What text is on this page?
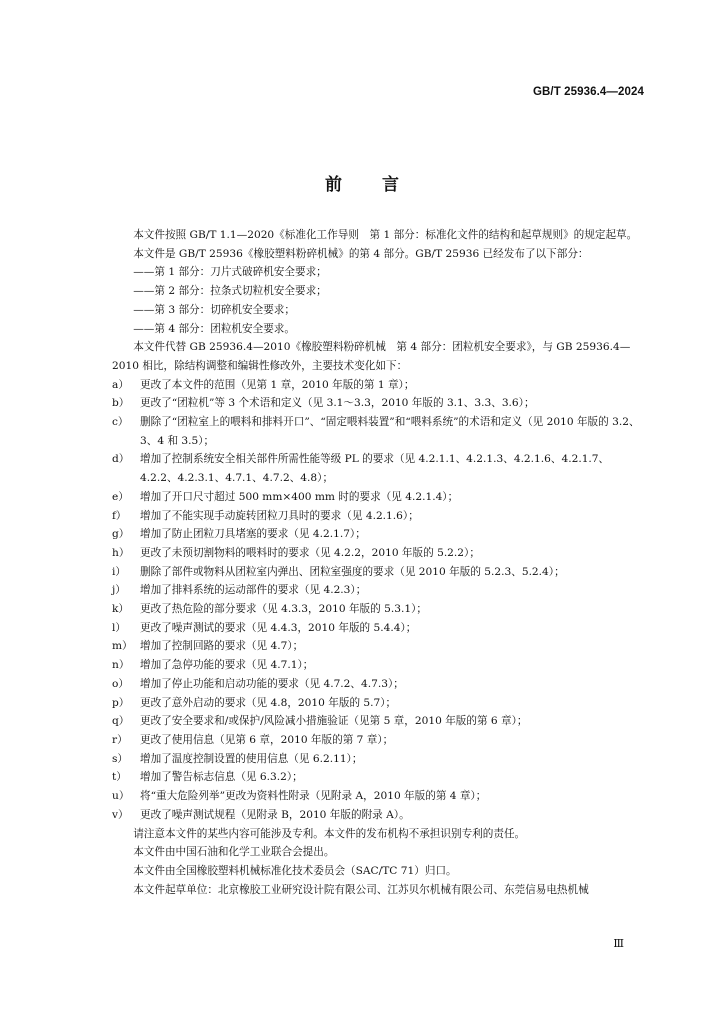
GB/T 25936.4—2024
前言

本文件按照 GB/T 1.1—2020《标准化工作导则　第 1 部分：标准化文件的结构和起草规则》的规定起草。

本文件是 GB/T 25936《橡胶塑料粉碎机械》的第 4 部分。GB/T 25936 已经发布了以下部分：

——第 1 部分：刀片式破碎机安全要求；

——第 2 部分：拉条式切粒机安全要求；

——第 3 部分：切碎机安全要求；

——第 4 部分：团粒机安全要求。

本文件代替 GB 25936.4—2010《橡胶塑料粉碎机械　第 4 部分：团粒机安全要求》，与 GB 25936.4—2010 相比，除结构调整和编辑性修改外，主要技术变化如下：

a） 更改了本文件的范围（见第 1 章，2010 年版的第 1 章）；

b） 更改了“团粒机”等 3 个术语和定义（见 3.1～3.3，2010 年版的 3.1、3.3、3.6）；

c）	删除了“团粒室上的喂料和排料开口”、“固定喂料装置”和“喂料系统”的术语和定义（见 2010 年版的 3.2、3、4 和 3.5）；

d） 增加了控制系统安全相关部件所需性能等级 PL 的要求（见 4.2.1.1、4.2.1.3、4.2.1.6、4.2.1.7、4.2.2、4.2.3.1、4.7.1、4.7.2、4.8）；

e） 增加了开口尺寸超过 500 mm×400 mm 时的要求（见 4.2.1.4）；

f）	增加了不能实现手动旋转团粒刀具时的要求（见 4.2.1.6）；

g） 增加了防止团粒刀具堵塞的要求（见 4.2.1.7）；

h） 更改了未预切割物料的喂料时的要求（见 4.2.2，2010 年版的 5.2.2）；

i）	删除了部件或物料从团粒室内弹出、团粒室强度的要求（见 2010 年版的 5.2.3、5.2.4）；

j）	增加了排料系统的运动部件的要求（见 4.2.3）；

k） 更改了热危险的部分要求（见 4.3.3，2010 年版的 5.3.1）；

l）	更改了噪声测试的要求（见 4.4.3，2010 年版的 5.4.4）；

m） 增加了控制回路的要求（见 4.7）；

n） 增加了急停功能的要求（见 4.7.1）；

o） 增加了停止功能和启动功能的要求（见 4.7.2、4.7.3）；

p） 更改了意外启动的要求（见 4.8，2010 年版的 5.7）；

q） 更改了安全要求和/或保护/风险减小措施验证（见第 5 章，2010 年版的第 6 章）；

r）	更改了使用信息（见第 6 章，2010 年版的第 7 章）；

s）	增加了温度控制设置的使用信息（见 6.2.11）；

t）	增加了警告标志信息（见 6.3.2）；

u） 将“重大危险列举”更改为资料性附录（见附录 A，2010 年版的第 4 章）；

v）	更改了噪声测试规程（见附录 B，2010 年版的附录 A）。

请注意本文件的某些内容可能涉及专利。本文件的发布机构不承担识别专利的责任。

本文件由中国石油和化学工业联合会提出。

本文件由全国橡胶塑料机械标准化技术委员会（SAC/TC 71）归口。

本文件起草单位：北京橡胶工业研究设计院有限公司、江苏贝尔机械有限公司、东莞信易电热机械

Ⅲ
